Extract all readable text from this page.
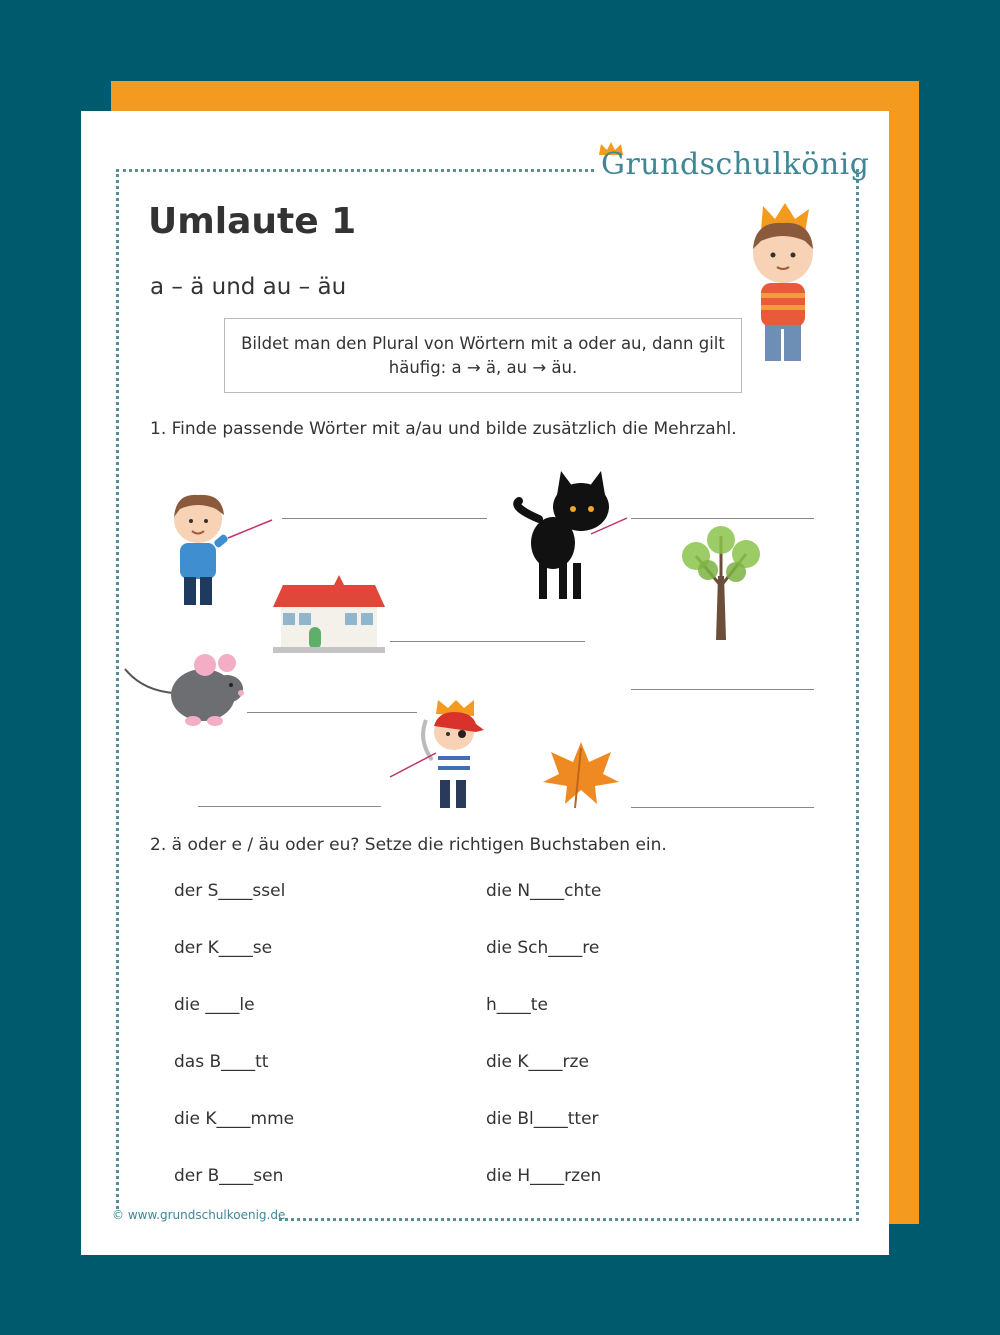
Grundschulkönig
Umlaute 1
a – ä und au – äu
Bildet man den Plural von Wörtern mit a oder au, dann gilt
häufig: a → ä, au → äu.
1. Finde passende Wörter mit a/au und bilde zusätzlich die Mehrzahl.
2. ä oder e / äu oder eu? Setze die richtigen Buchstaben ein.
der S____ssel
der K____se
die ____le
das B____tt
die K____mme
der B____sen
die N____chte
die Sch____re
h____te
die K____rze
die Bl____tter
die H____rzen
© www.grundschulkoenig.de
